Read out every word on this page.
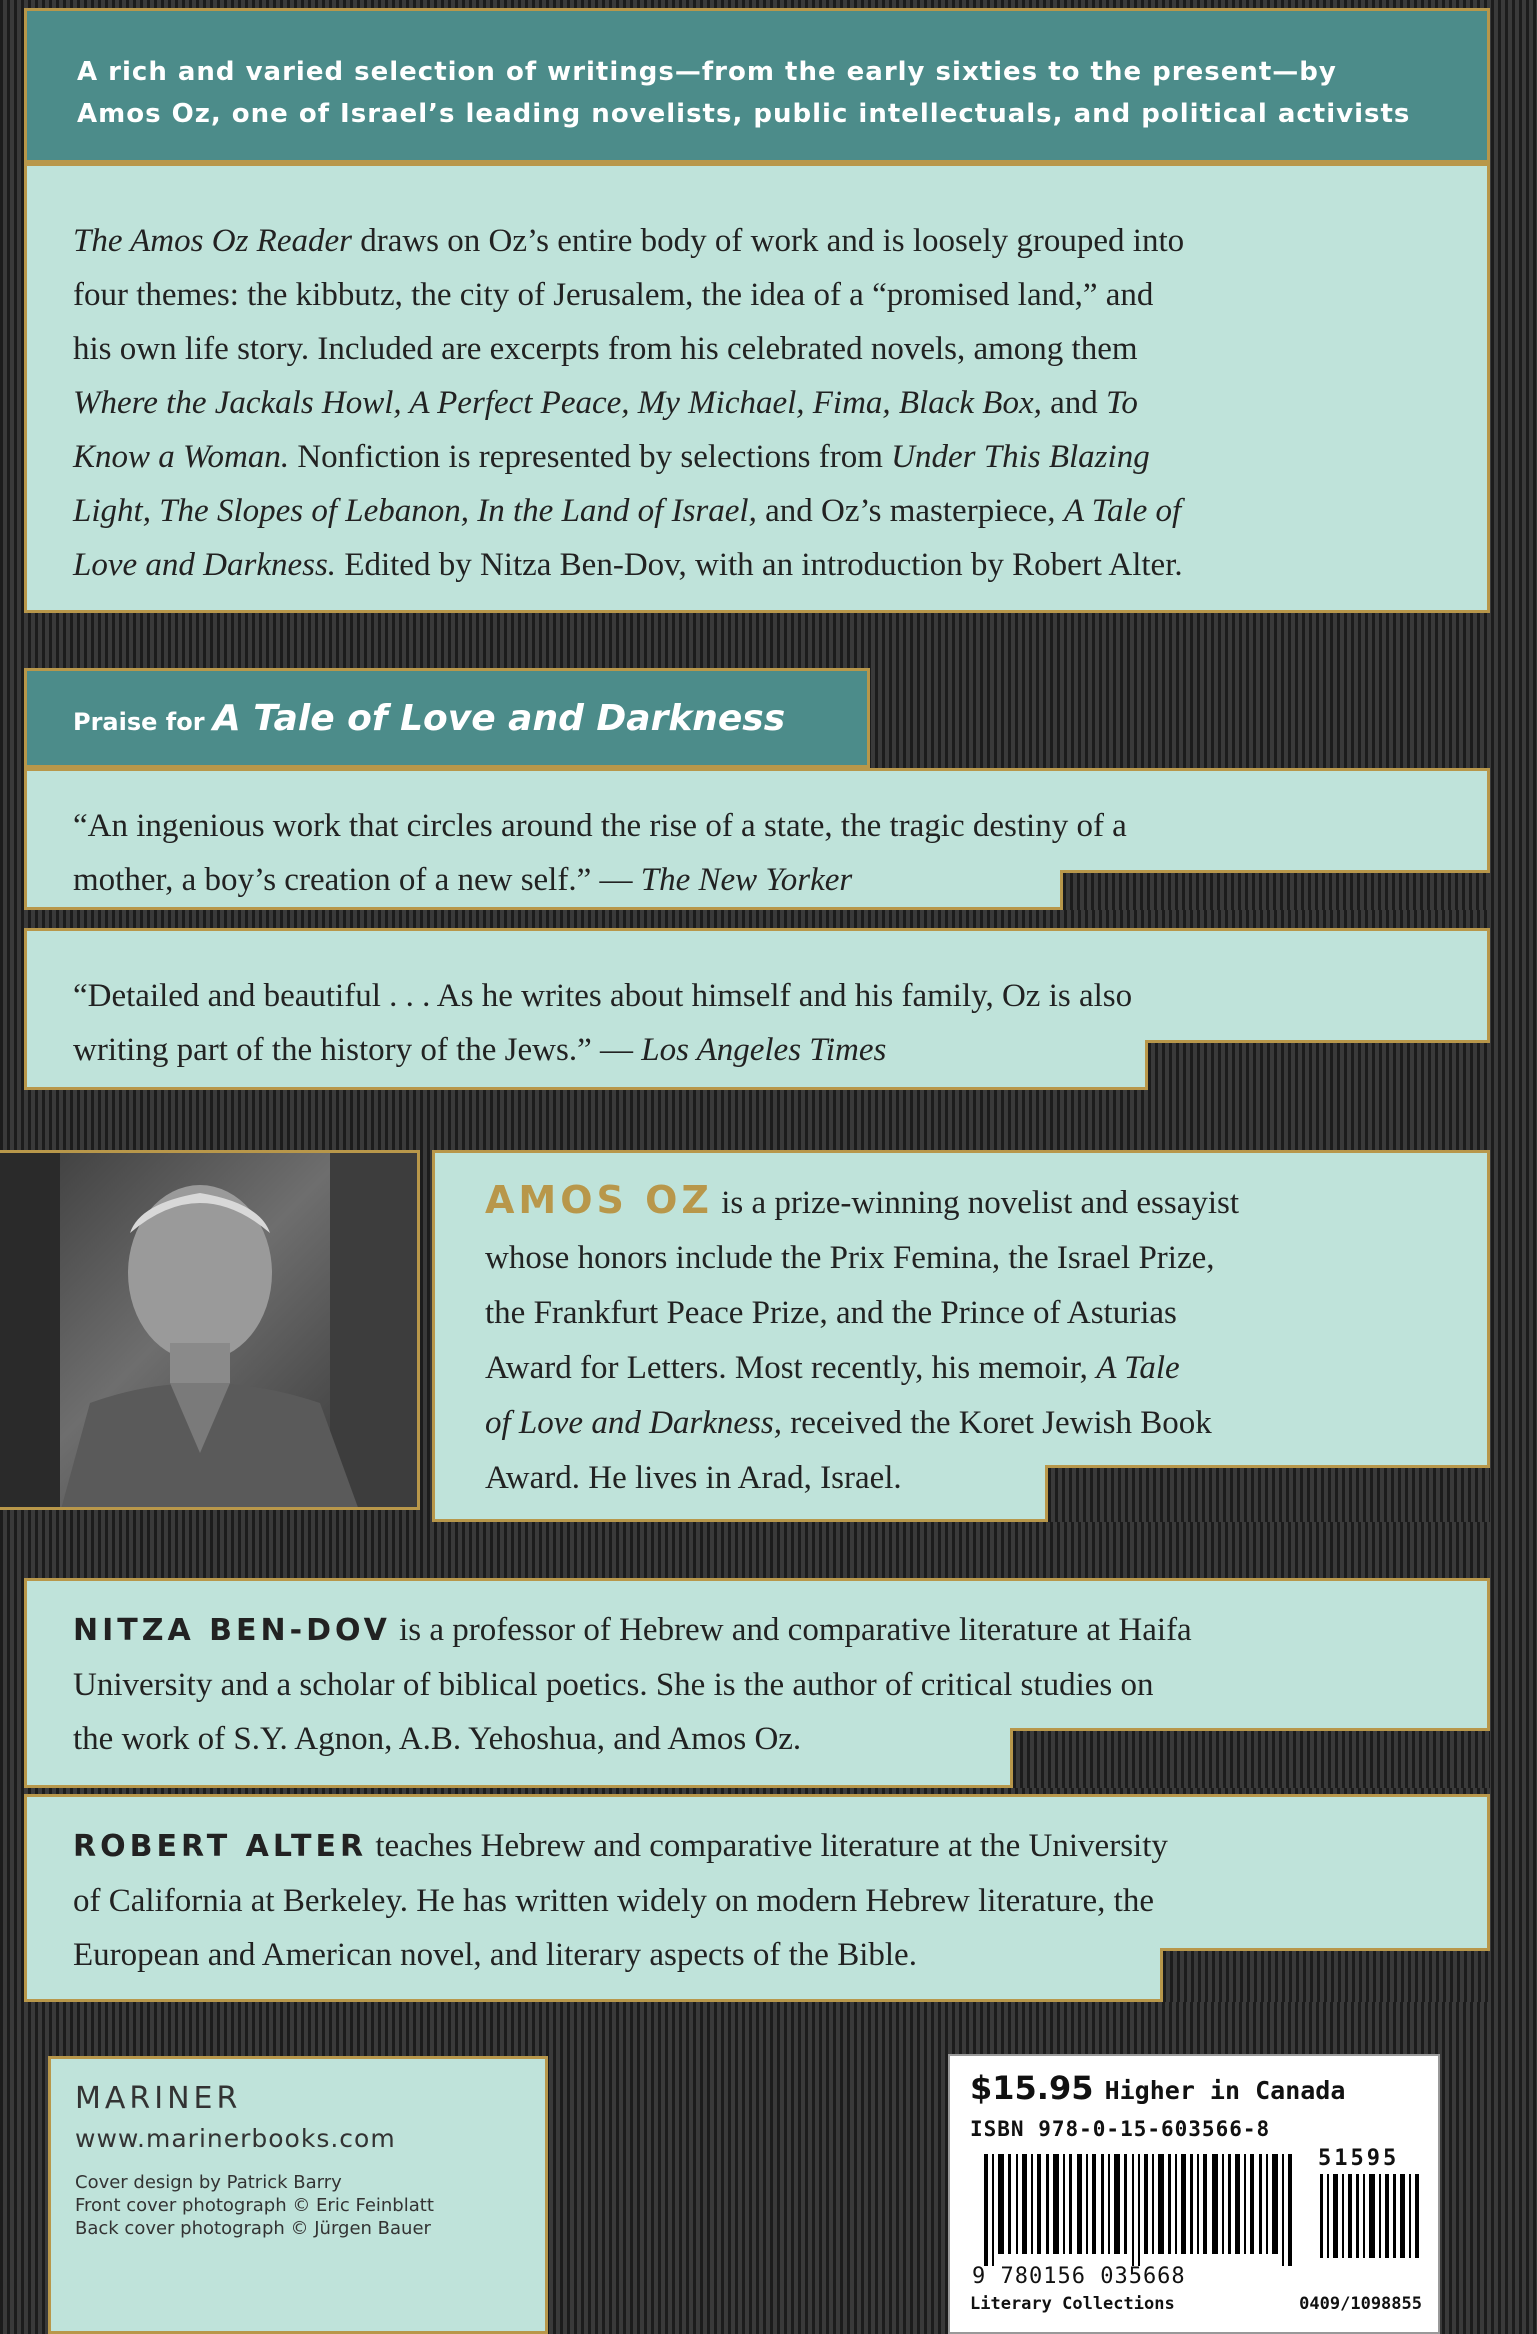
A rich and varied selection of writings—from the early sixties to the present—by
Amos Oz, one of Israel’s leading novelists, public intellectuals, and political activists
The Amos Oz Reader draws on Oz’s entire body of work and is loosely grouped into
four themes: the kibbutz, the city of Jerusalem, the idea of a “promised land,” and
his own life story. Included are excerpts from his celebrated novels, among them
Where the Jackals Howl, A Perfect Peace, My Michael, Fima, Black Box, and To
Know a Woman. Nonfiction is represented by selections from Under This Blazing
Light, The Slopes of Lebanon, In the Land of Israel, and Oz’s masterpiece, A Tale of
Love and Darkness. Edited by Nitza Ben-Dov, with an introduction by Robert Alter.
Praise for A Tale of Love and Darkness
“An ingenious work that circles around the rise of a state, the tragic destiny of a
mother, a boy’s creation of a new self.” — The New Yorker
“Detailed and beautiful . . . As he writes about himself and his family, Oz is also
writing part of the history of the Jews.” — Los Angeles Times
AMOS OZ is a prize-winning novelist and essayist
whose honors include the Prix Femina, the Israel Prize,
the Frankfurt Peace Prize, and the Prince of Asturias
Award for Letters. Most recently, his memoir, A Tale
of Love and Darkness, received the Koret Jewish Book
Award. He lives in Arad, Israel.
NITZA BEN-DOV is a professor of Hebrew and comparative literature at Haifa
University and a scholar of biblical poetics. She is the author of critical studies on
the work of S.Y. Agnon, A.B. Yehoshua, and Amos Oz.
ROBERT ALTER teaches Hebrew and comparative literature at the University
of California at Berkeley. He has written widely on modern Hebrew literature, the
European and American novel, and literary aspects of the Bible.
MARINER
www.marinerbooks.com
Cover design by Patrick Barry
Front cover photograph © Eric Feinblatt
Back cover photograph © Jürgen Bauer
$15.95 Higher in Canada
ISBN 978-0-15-603566-8
51595
9 780156 035668
Literary Collections	0409/1098855
